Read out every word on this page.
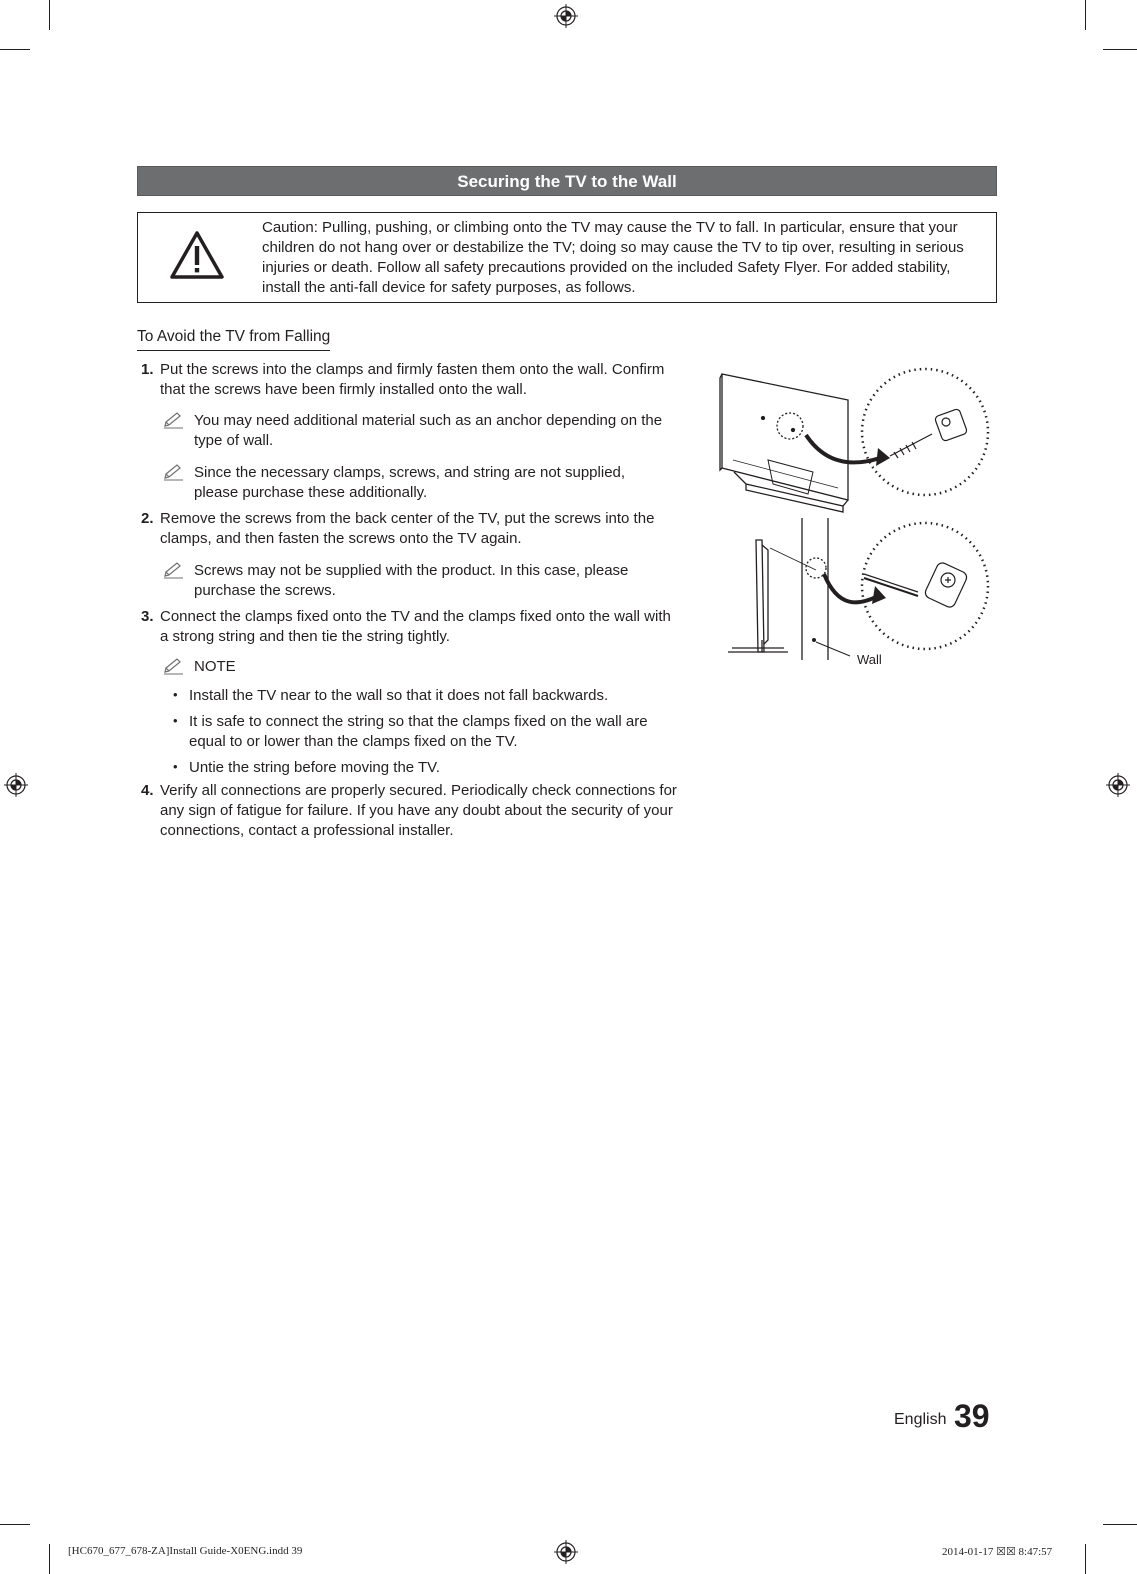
Securing the TV to the Wall
Caution: Pulling, pushing, or climbing onto the TV may cause the TV to fall. In particular, ensure that your children do not hang over or destabilize the TV; doing so may cause the TV to tip over, resulting in serious injuries or death. Follow all safety precautions provided on the included Safety Flyer. For added stability, install the anti-fall device for safety purposes, as follows.
To Avoid the TV from Falling
1. Put the screws into the clamps and firmly fasten them onto the wall. Confirm that the screws have been firmly installed onto the wall.
You may need additional material such as an anchor depending on the type of wall.
Since the necessary clamps, screws, and string are not supplied, please purchase these additionally.
2. Remove the screws from the back center of the TV, put the screws into the clamps, and then fasten the screws onto the TV again.
Screws may not be supplied with the product. In this case, please purchase the screws.
3. Connect the clamps fixed onto the TV and the clamps fixed onto the wall with a strong string and then tie the string tightly.
NOTE
• Install the TV near to the wall so that it does not fall backwards.
• It is safe to connect the string so that the clamps fixed on the wall are equal to or lower than the clamps fixed on the TV.
• Untie the string before moving the TV.
4. Verify all connections are properly secured. Periodically check connections for any sign of fatigue for failure. If you have any doubt about the security of your connections, contact a professional installer.
Wall
English 39
[HC670_677_678-ZA]Install Guide-X0ENG.indd 39	2014-01-17 ☒☒ 8:47:57
